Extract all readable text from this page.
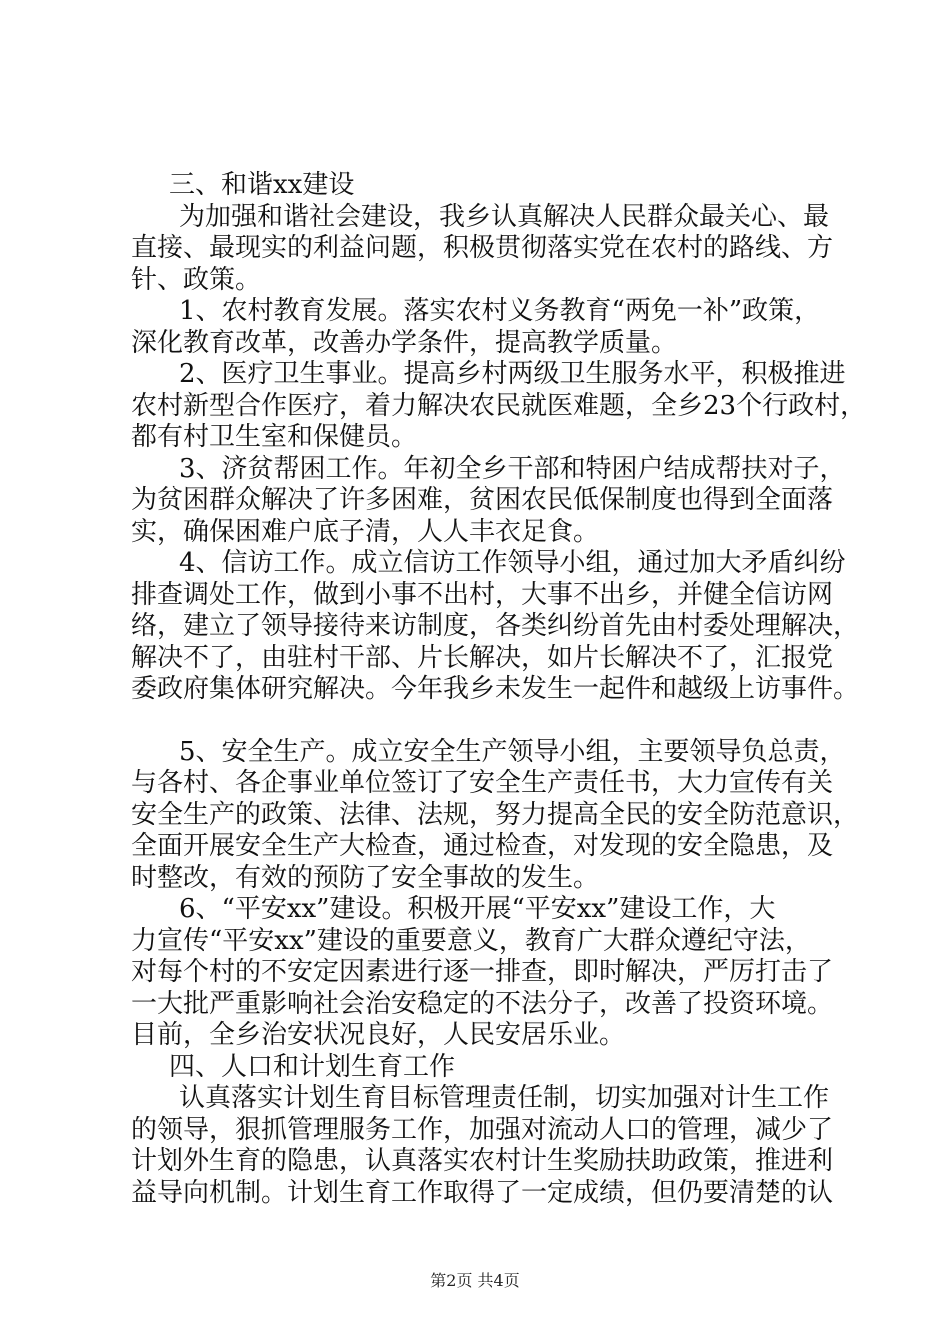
三、和谐xx建设
为加强和谐社会建设，我乡认真解决人民群众最关心、最
直接、最现实的利益问题，积极贯彻落实党在农村的路线、方
针、政策。
1、农村教育发展。落实农村义务教育“两免一补”政策，
深化教育改革，改善办学条件，提高教学质量。
2、医疗卫生事业。提高乡村两级卫生服务水平，积极推进
农村新型合作医疗，着力解决农民就医难题，全乡23个行政村，
都有村卫生室和保健员。
3、济贫帮困工作。年初全乡干部和特困户结成帮扶对子，
为贫困群众解决了许多困难，贫困农民低保制度也得到全面落
实，确保困难户底子清，人人丰衣足食。
4、信访工作。成立信访工作领导小组，通过加大矛盾纠纷
排查调处工作，做到小事不出村，大事不出乡，并健全信访网
络，建立了领导接待来访制度，各类纠纷首先由村委处理解决，
解决不了，由驻村干部、片长解决，如片长解决不了，汇报党
委政府集体研究解决。今年我乡未发生一起件和越级上访事件。
5、安全生产。成立安全生产领导小组，主要领导负总责，
与各村、各企事业单位签订了安全生产责任书，大力宣传有关
安全生产的政策、法律、法规，努力提高全民的安全防范意识，
全面开展安全生产大检查，通过检查，对发现的安全隐患，及
时整改，有效的预防了安全事故的发生。
6、“平安xx”建设。积极开展“平安xx”建设工作，大
力宣传“平安xx”建设的重要意义，教育广大群众遵纪守法，
对每个村的不安定因素进行逐一排查，即时解决，严厉打击了
一大批严重影响社会治安稳定的不法分子，改善了投资环境。
目前，全乡治安状况良好，人民安居乐业。
四、人口和计划生育工作
认真落实计划生育目标管理责任制，切实加强对计生工作
的领导，狠抓管理服务工作，加强对流动人口的管理，减少了
计划外生育的隐患，认真落实农村计生奖励扶助政策，推进利
益导向机制。计划生育工作取得了一定成绩，但仍要清楚的认
第2页 共4页
